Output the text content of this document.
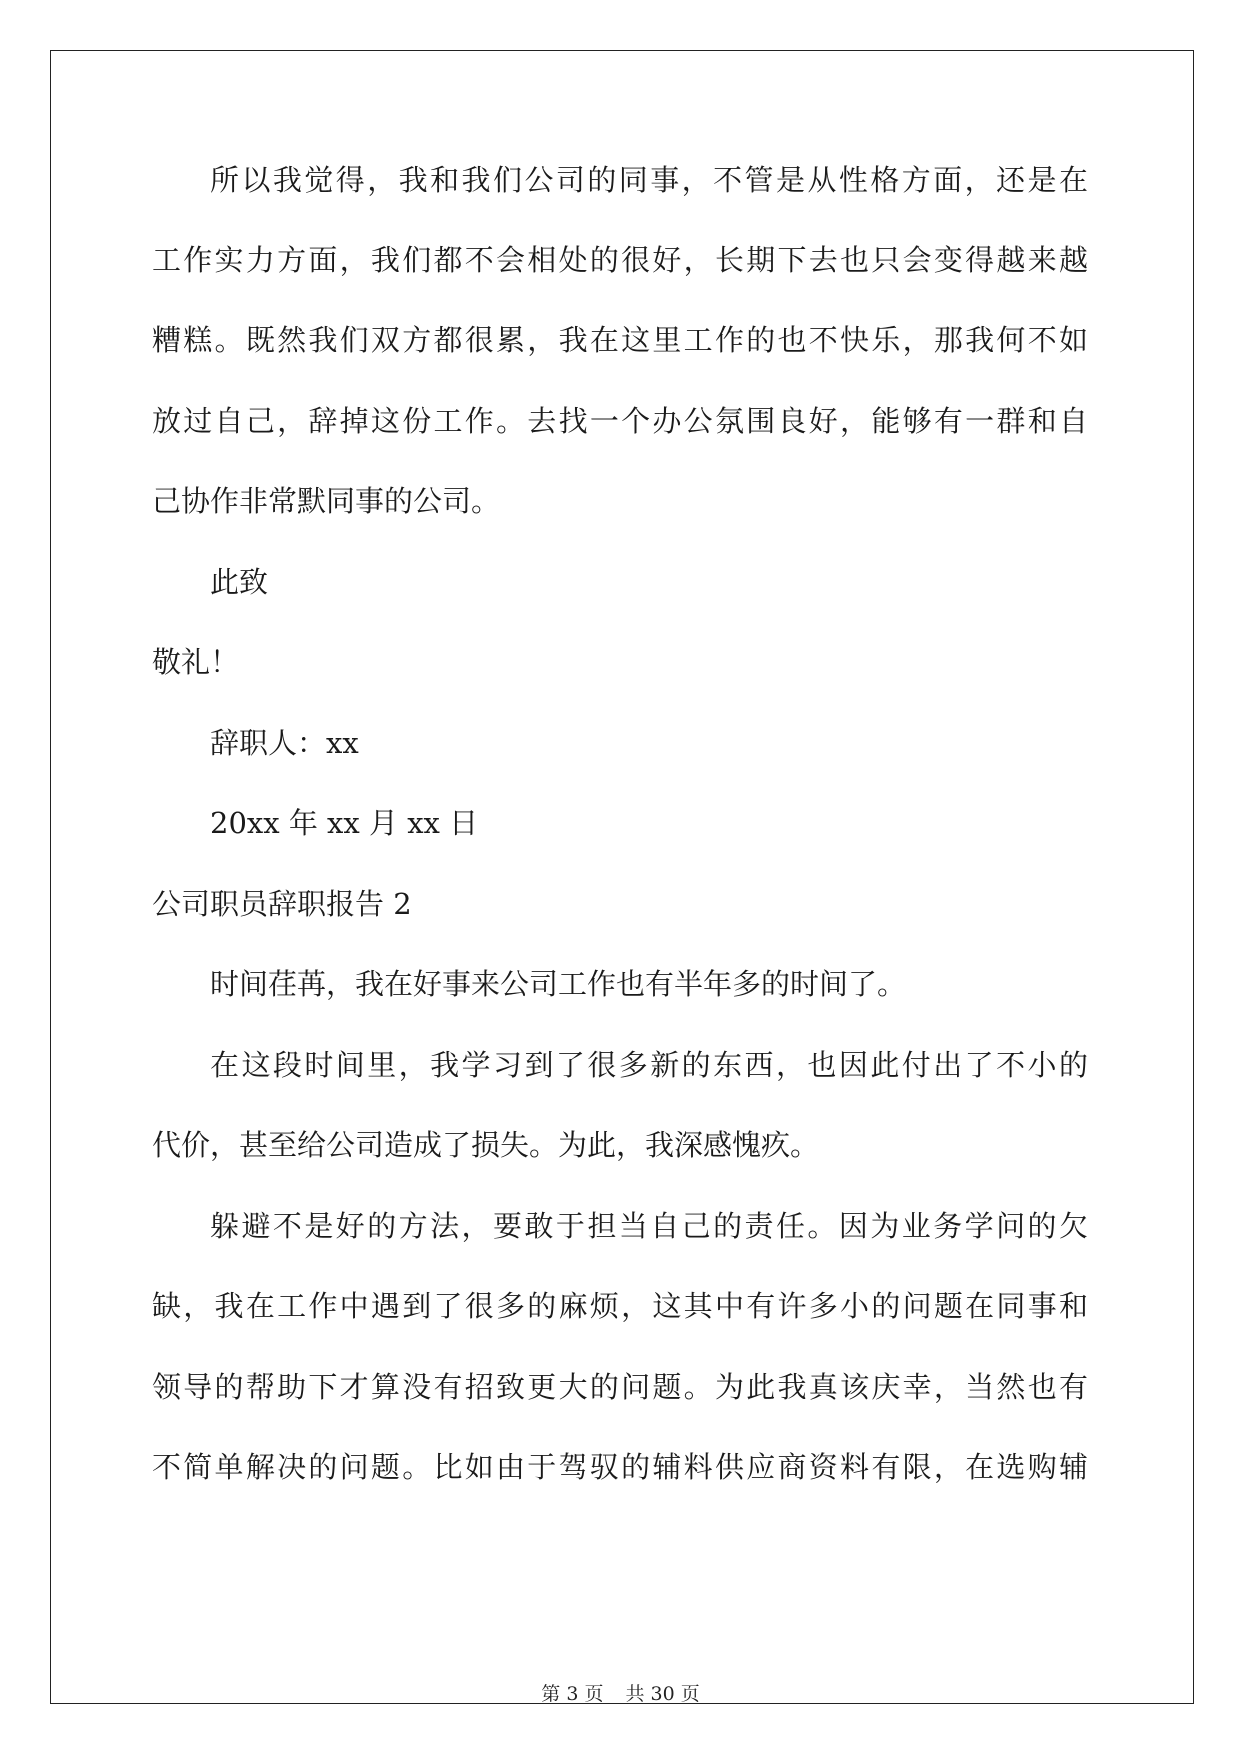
所以我觉得，我和我们公司的同事，不管是从性格方面，还是在
工作实力方面，我们都不会相处的很好，长期下去也只会变得越来越
糟糕。既然我们双方都很累，我在这里工作的也不快乐，那我何不如
放过自己，辞掉这份工作。去找一个办公氛围良好，能够有一群和自
己协作非常默同事的公司。
此致
敬礼！
辞职人：xx
20xx 年 xx 月 xx 日
公司职员辞职报告 2
时间荏苒，我在好事来公司工作也有半年多的时间了。
在这段时间里，我学习到了很多新的东西，也因此付出了不小的
代价，甚至给公司造成了损失。为此，我深感愧疚。
躲避不是好的方法，要敢于担当自己的责任。因为业务学问的欠
缺，我在工作中遇到了很多的麻烦，这其中有许多小的问题在同事和
领导的帮助下才算没有招致更大的问题。为此我真该庆幸，当然也有
不简单解决的问题。比如由于驾驭的辅料供应商资料有限，在选购辅
第 3 页 共 30 页
